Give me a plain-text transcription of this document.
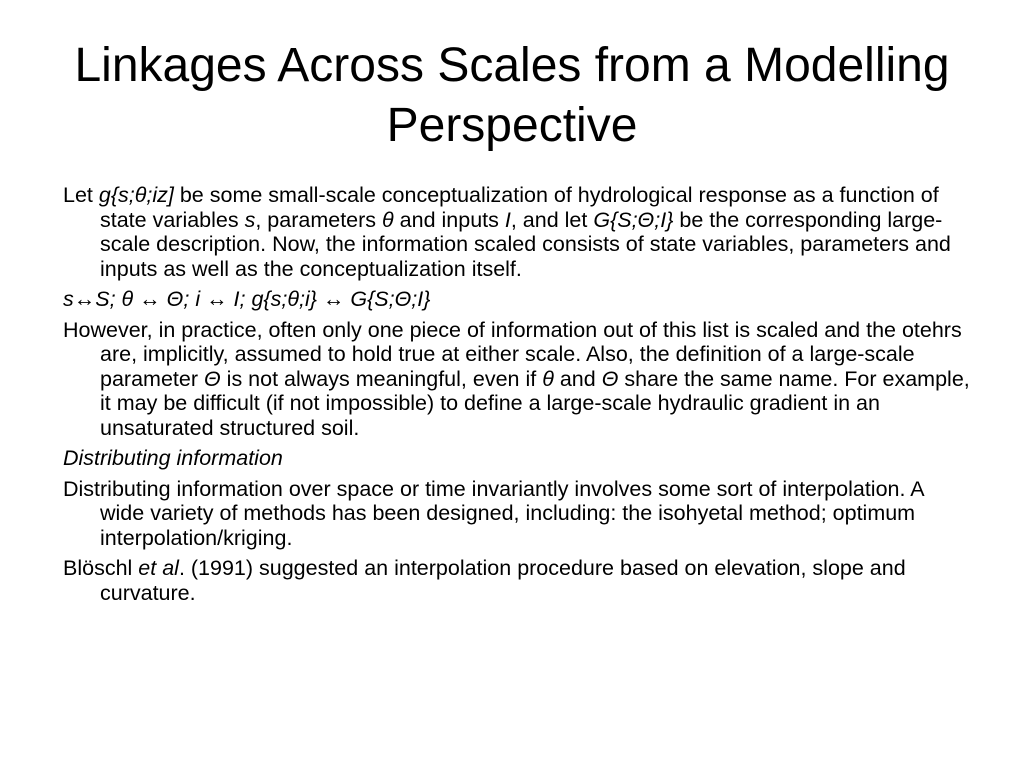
Linkages Across Scales from a Modelling Perspective

Let g{s;θ;iz] be some small-scale conceptualization of hydrological response as a function of state variables s, parameters θ and inputs I, and let G{S;Θ;I} be the corresponding large-scale description. Now, the information scaled consists of state variables, parameters and inputs as well as the conceptualization itself.

s↔S; θ ↔ Θ; i ↔ I; g{s;θ;i} ↔ G{S;Θ;I}

However, in practice, often only one piece of information out of this list is scaled and the otehrs are, implicitly, assumed to hold true at either scale. Also, the definition of a large-scale parameter Θ is not always meaningful, even if θ and Θ share the same name. For example, it may be difficult (if not impossible) to define a large-scale hydraulic gradient in an unsaturated structured soil.

Distributing information

Distributing information over space or time invariantly involves some sort of interpolation. A wide variety of methods has been designed, including: the isohyetal method; optimum interpolation/kriging.

Blöschl et al. (1991) suggested an interpolation procedure based on elevation, slope and curvature.
